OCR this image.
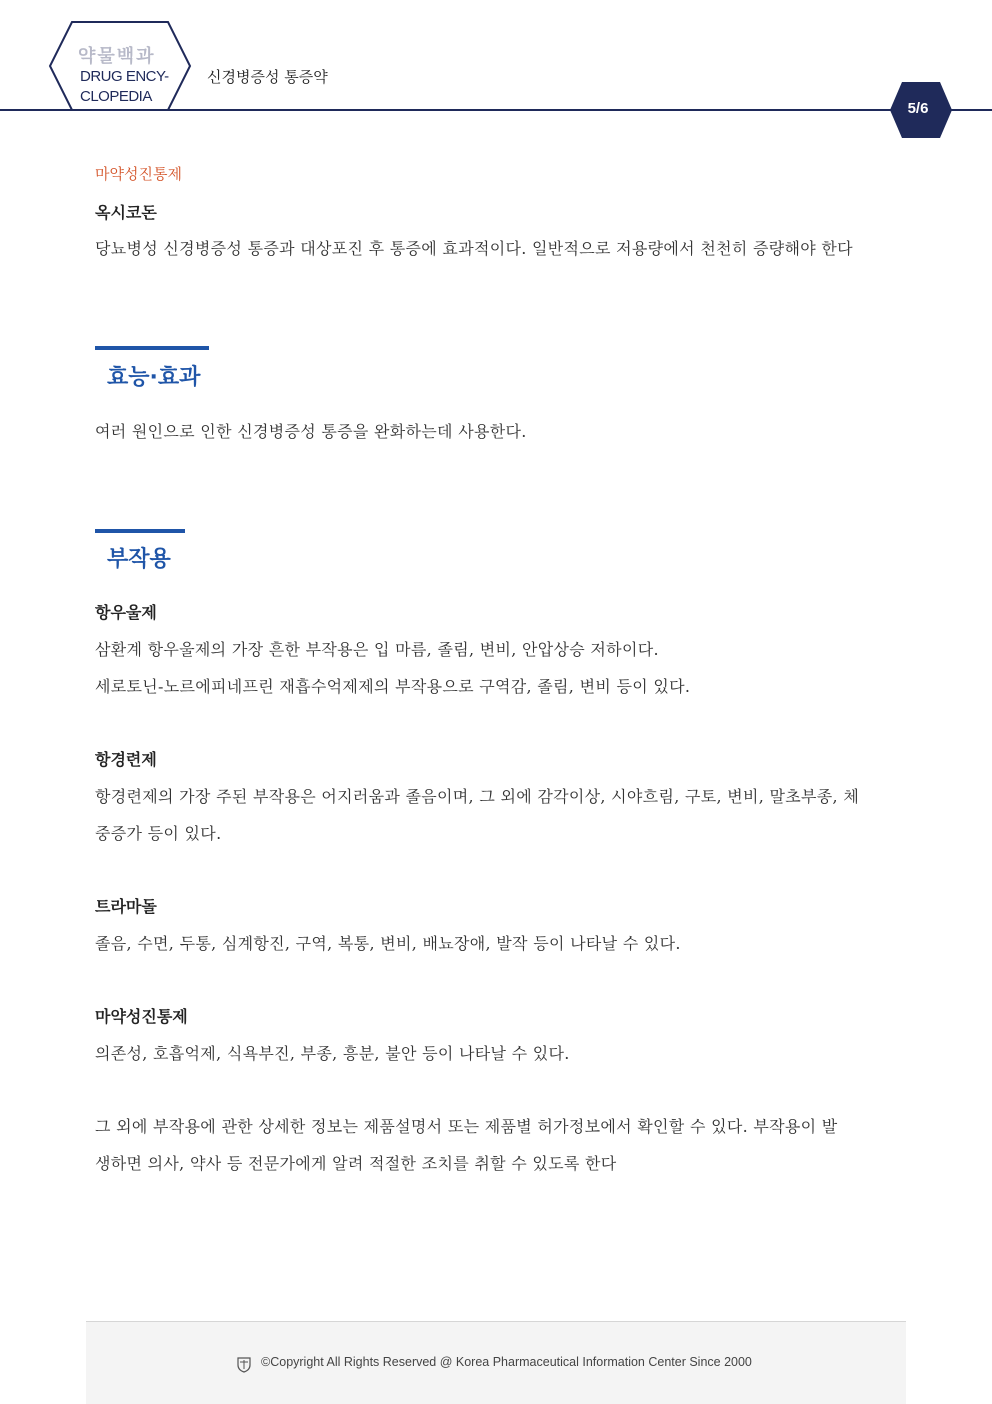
약물백과
DRUG ENCY-
CLOPEDIA
신경병증성 통증약
5/6
마약성진통제
옥시코돈
당뇨병성 신경병증성 통증과 대상포진 후 통증에 효과적이다. 일반적으로 저용량에서 천천히 증량해야 한다
효능·효과
여러 원인으로 인한 신경병증성 통증을 완화하는데 사용한다.
부작용
항우울제
삼환계 항우울제의 가장 흔한 부작용은 입 마름, 졸림, 변비, 안압상승 저하이다.
세로토닌-노르에피네프린 재흡수억제제의 부작용으로 구역감, 졸림, 변비 등이 있다.
항경련제
항경련제의 가장 주된 부작용은 어지러움과 졸음이며, 그 외에 감각이상, 시야흐림, 구토, 변비, 말초부종, 체
중증가 등이 있다.
트라마돌
졸음, 수면, 두통, 심계항진, 구역, 복통, 변비, 배뇨장애, 발작 등이 나타날 수 있다.
마약성진통제
의존성, 호흡억제, 식욕부진, 부종, 흥분, 불안 등이 나타날 수 있다.
그 외에 부작용에 관한 상세한 정보는 제품설명서 또는 제품별 허가정보에서 확인할 수 있다. 부작용이 발
생하면 의사, 약사 등 전문가에게 알려 적절한 조치를 취할 수 있도록 한다
©Copyright All Rights Reserved @ Korea Pharmaceutical Information Center Since 2000
